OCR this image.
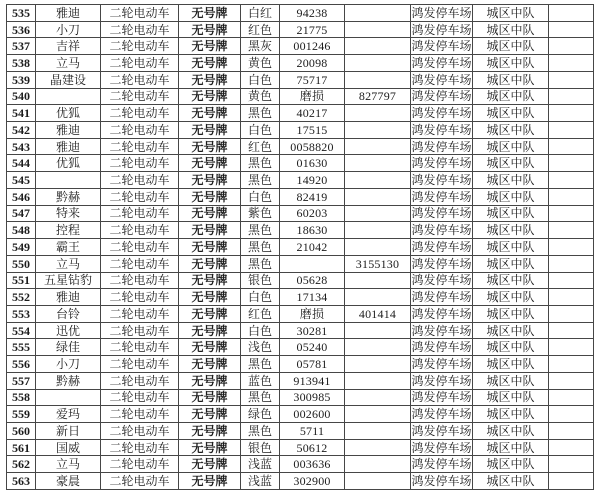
535	雅迪	二轮电动车	无号牌	白红	94238		鸿发停车场	城区中队	
536	小刀	二轮电动车	无号牌	红色	21775		鸿发停车场	城区中队	
537	吉祥	二轮电动车	无号牌	黑灰	001246		鸿发停车场	城区中队	
538	立马	二轮电动车	无号牌	黄色	20098		鸿发停车场	城区中队	
539	晶建设	二轮电动车	无号牌	白色	75717		鸿发停车场	城区中队	
540		二轮电动车	无号牌	黄色	磨损	827797	鸿发停车场	城区中队	
541	优狐	二轮电动车	无号牌	黑色	40217		鸿发停车场	城区中队	
542	雅迪	二轮电动车	无号牌	白色	17515		鸿发停车场	城区中队	
543	雅迪	二轮电动车	无号牌	红色	0058820		鸿发停车场	城区中队	
544	优狐	二轮电动车	无号牌	黑色	01630		鸿发停车场	城区中队	
545		二轮电动车	无号牌	黑色	14920		鸿发停车场	城区中队	
546	黔赫	二轮电动车	无号牌	白色	82419		鸿发停车场	城区中队	
547	特来	二轮电动车	无号牌	紫色	60203		鸿发停车场	城区中队	
548	控程	二轮电动车	无号牌	黑色	18630		鸿发停车场	城区中队	
549	霸王	二轮电动车	无号牌	黑色	21042		鸿发停车场	城区中队	
550	立马	二轮电动车	无号牌	黑色		3155130	鸿发停车场	城区中队	
551	五星钻豹	二轮电动车	无号牌	银色	05628		鸿发停车场	城区中队	
552	雅迪	二轮电动车	无号牌	白色	17134		鸿发停车场	城区中队	
553	台铃	二轮电动车	无号牌	红色	磨损	401414	鸿发停车场	城区中队	
554	迅优	二轮电动车	无号牌	白色	30281		鸿发停车场	城区中队	
555	绿佳	二轮电动车	无号牌	浅色	05240		鸿发停车场	城区中队	
556	小刀	二轮电动车	无号牌	黑色	05781		鸿发停车场	城区中队	
557	黔赫	二轮电动车	无号牌	蓝色	913941		鸿发停车场	城区中队	
558		二轮电动车	无号牌	黑色	300985		鸿发停车场	城区中队	
559	爱玛	二轮电动车	无号牌	绿色	002600		鸿发停车场	城区中队	
560	新日	二轮电动车	无号牌	黑色	5711		鸿发停车场	城区中队	
561	国威	二轮电动车	无号牌	银色	50612		鸿发停车场	城区中队	
562	立马	二轮电动车	无号牌	浅蓝	003636		鸿发停车场	城区中队	
563	豪晨	二轮电动车	无号牌	浅蓝	302900		鸿发停车场	城区中队	
